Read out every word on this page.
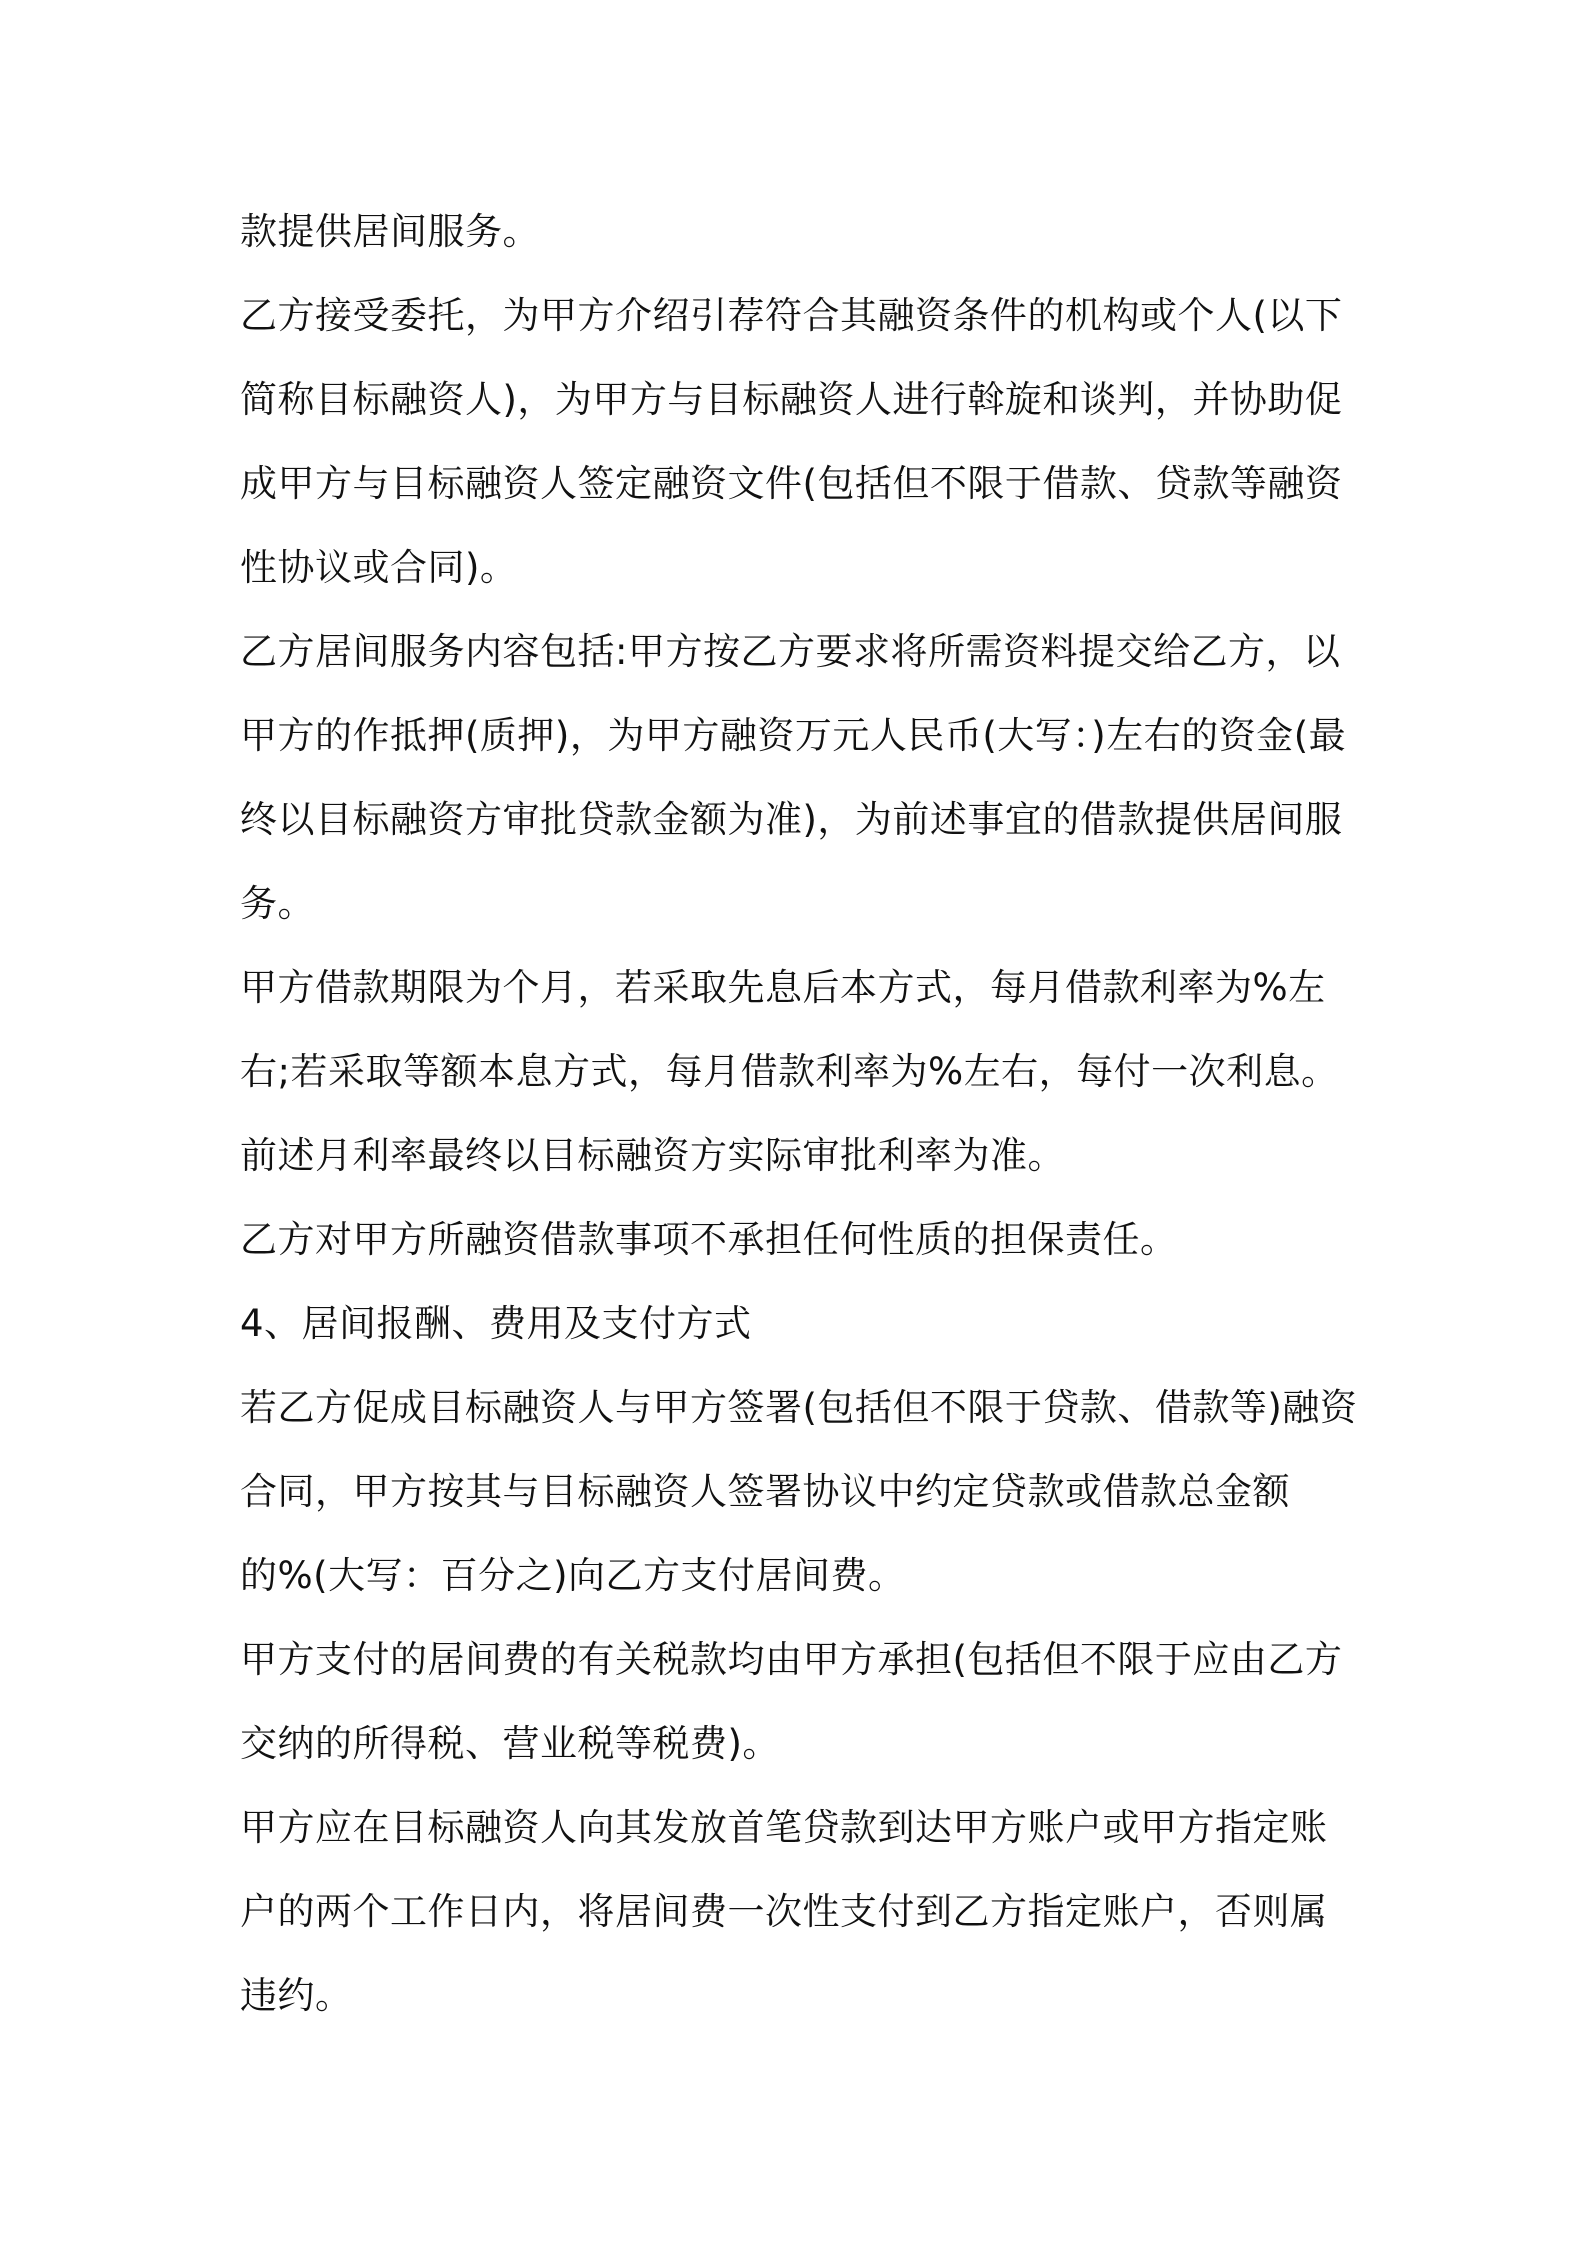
款提供居间服务。

乙方接受委托，为甲方介绍引荐符合其融资条件的机构或个人(以下简称目标融资人)，为甲方与目标融资人进行斡旋和谈判，并协助促成甲方与目标融资人签定融资文件(包括但不限于借款、贷款等融资性协议或合同)。

乙方居间服务内容包括:甲方按乙方要求将所需资料提交给乙方，以甲方的作抵押(质押)，为甲方融资万元人民币(大写：)左右的资金(最终以目标融资方审批贷款金额为准)，为前述事宜的借款提供居间服务。

甲方借款期限为个月，若采取先息后本方式，每月借款利率为%左右;若采取等额本息方式，每月借款利率为%左右，每付一次利息。前述月利率最终以目标融资方实际审批利率为准。

乙方对甲方所融资借款事项不承担任何性质的担保责任。

4、居间报酬、费用及支付方式

若乙方促成目标融资人与甲方签署(包括但不限于贷款、借款等)融资合同，甲方按其与目标融资人签署协议中约定贷款或借款总金额的%(大写：百分之)向乙方支付居间费。

甲方支付的居间费的有关税款均由甲方承担(包括但不限于应由乙方交纳的所得税、营业税等税费)。

甲方应在目标融资人向其发放首笔贷款到达甲方账户或甲方指定账户的两个工作日内，将居间费一次性支付到乙方指定账户，否则属违约。
